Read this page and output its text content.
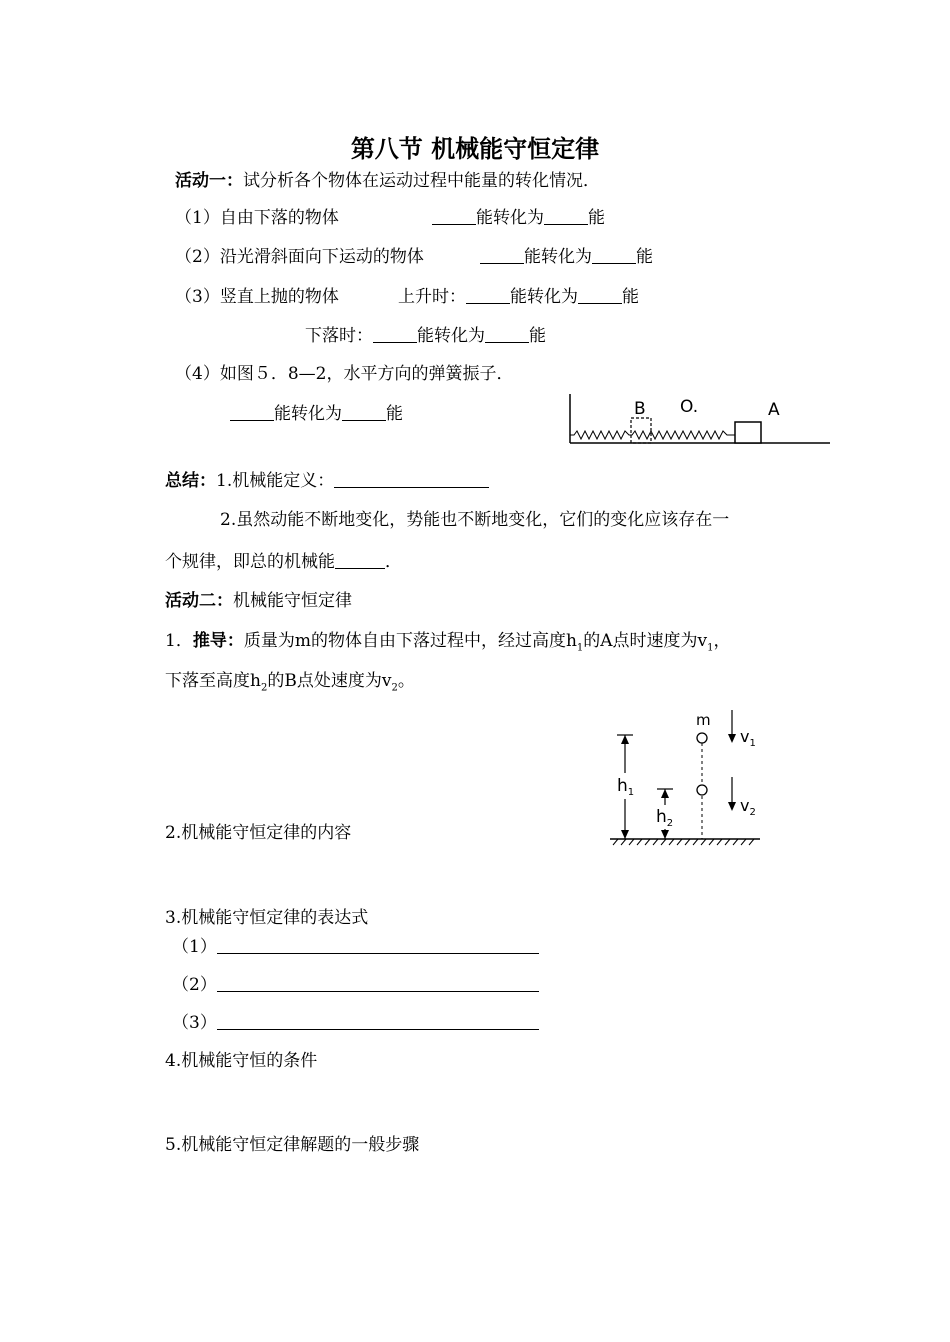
第八节 机械能守恒定律
活动一：试分析各个物体在运动过程中能量的转化情况．
（1）自由下落的物体	能转化为	能
（2）沿光滑斜面向下运动的物体	能转化为	能
（3）竖直上抛的物体	上升时：	能转化为	能
下落时：	能转化为	能
（4）如图５．8—2，水平方向的弹簧振子．
能转化为	能	B O.	A
总结：1.机械能定义：
2.虽然动能不断地变化，势能也不断地变化，它们的变化应该存在一
个规律，即总的机械能	．
活动二：机械能守恒定律
1．推导：质量为m的物体自由下落过程中，经过高度$h_1$的A点时速度为$v_1$，
下落至高度$h_2$的B点处速度为$v_2$。
$h_1$
$h_2$
m
$v_1$
$v_2$
2.机械能守恒定律的内容
3.机械能守恒定律的表达式
（1）
（2）
（3）
4.机械能守恒的条件
5.机械能守恒定律解题的一般步骤
